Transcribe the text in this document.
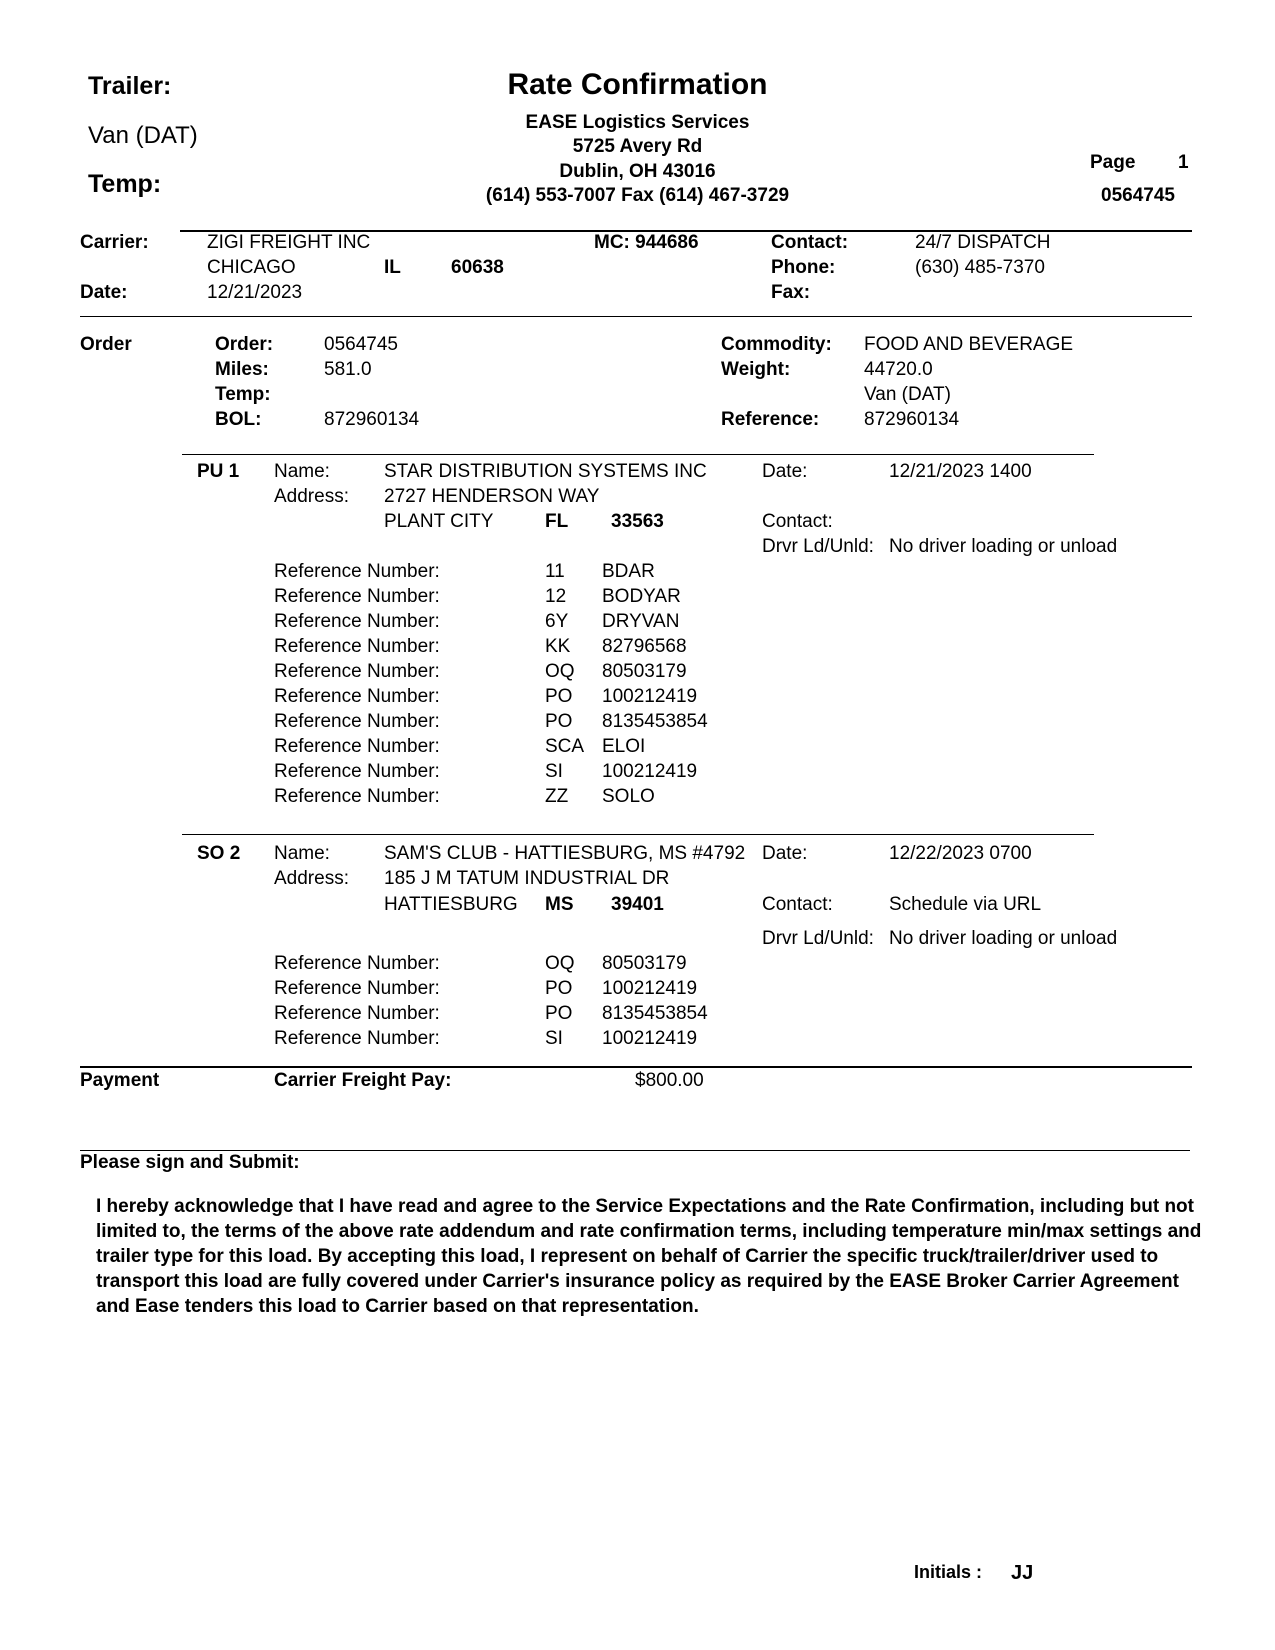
Trailer:
Van (DAT)
Temp:
Rate Confirmation
EASE Logistics Services
5725 Avery Rd
Dublin, OH 43016
(614) 553-7007 Fax (614) 467-3729
Page 1
0564745
Carrier:	ZIGI FREIGHT INC	MC: 944686	Contact:	24/7 DISPATCH
CHICAGO	IL	60638	Phone:	(630) 485-7370
Date:	12/21/2023	Fax:
Order	Order:	0564745
Miles:	581.0
Temp:
BOL:	872960134
Commodity: FOOD AND BEVERAGE
Weight:	44720.0
Van (DAT)
Reference: 872960134
PU 1 Name:	STAR DISTRIBUTION SYSTEMS INC	Date:	12/21/2023 1400
Address: 2727 HENDERSON WAY
PLANT CITY	FL 33563	Contact:
Drvr Ld/Unld: No driver loading or unload
Reference Number:	11 BDAR
Reference Number:	12 BODYAR
Reference Number:	6Y DRYVAN
Reference Number:	KK 82796568
Reference Number:	OQ 80503179
Reference Number:	PO 100212419
Reference Number:	PO 8135453854
Reference Number:	SCA ELOI
Reference Number:	SI 100212419
Reference Number:	ZZ SOLO
SO 2 Name:	SAM'S CLUB - HATTIESBURG, MS #4792 Date:	12/22/2023 0700
Address: 185 J M TATUM INDUSTRIAL DR
HATTIESBURG MS 39401	Contact:	Schedule via URL
Drvr Ld/Unld: No driver loading or unload
Reference Number:	OQ 80503179
Reference Number:	PO 100212419
Reference Number:	PO 8135453854
Reference Number:	SI 100212419
Payment	Carrier Freight Pay:	$800.00
Please sign and Submit:
I hereby acknowledge that I have read and agree to the Service Expectations and the Rate Confirmation, including but not limited to, the terms of the above rate addendum and rate confirmation terms, including temperature min/max settings and trailer type for this load. By accepting this load, I represent on behalf of Carrier the specific truck/trailer/driver used to transport this load are fully covered under Carrier's insurance policy as required by the EASE Broker Carrier Agreement and Ease tenders this load to Carrier based on that representation.
Initials : JJ
